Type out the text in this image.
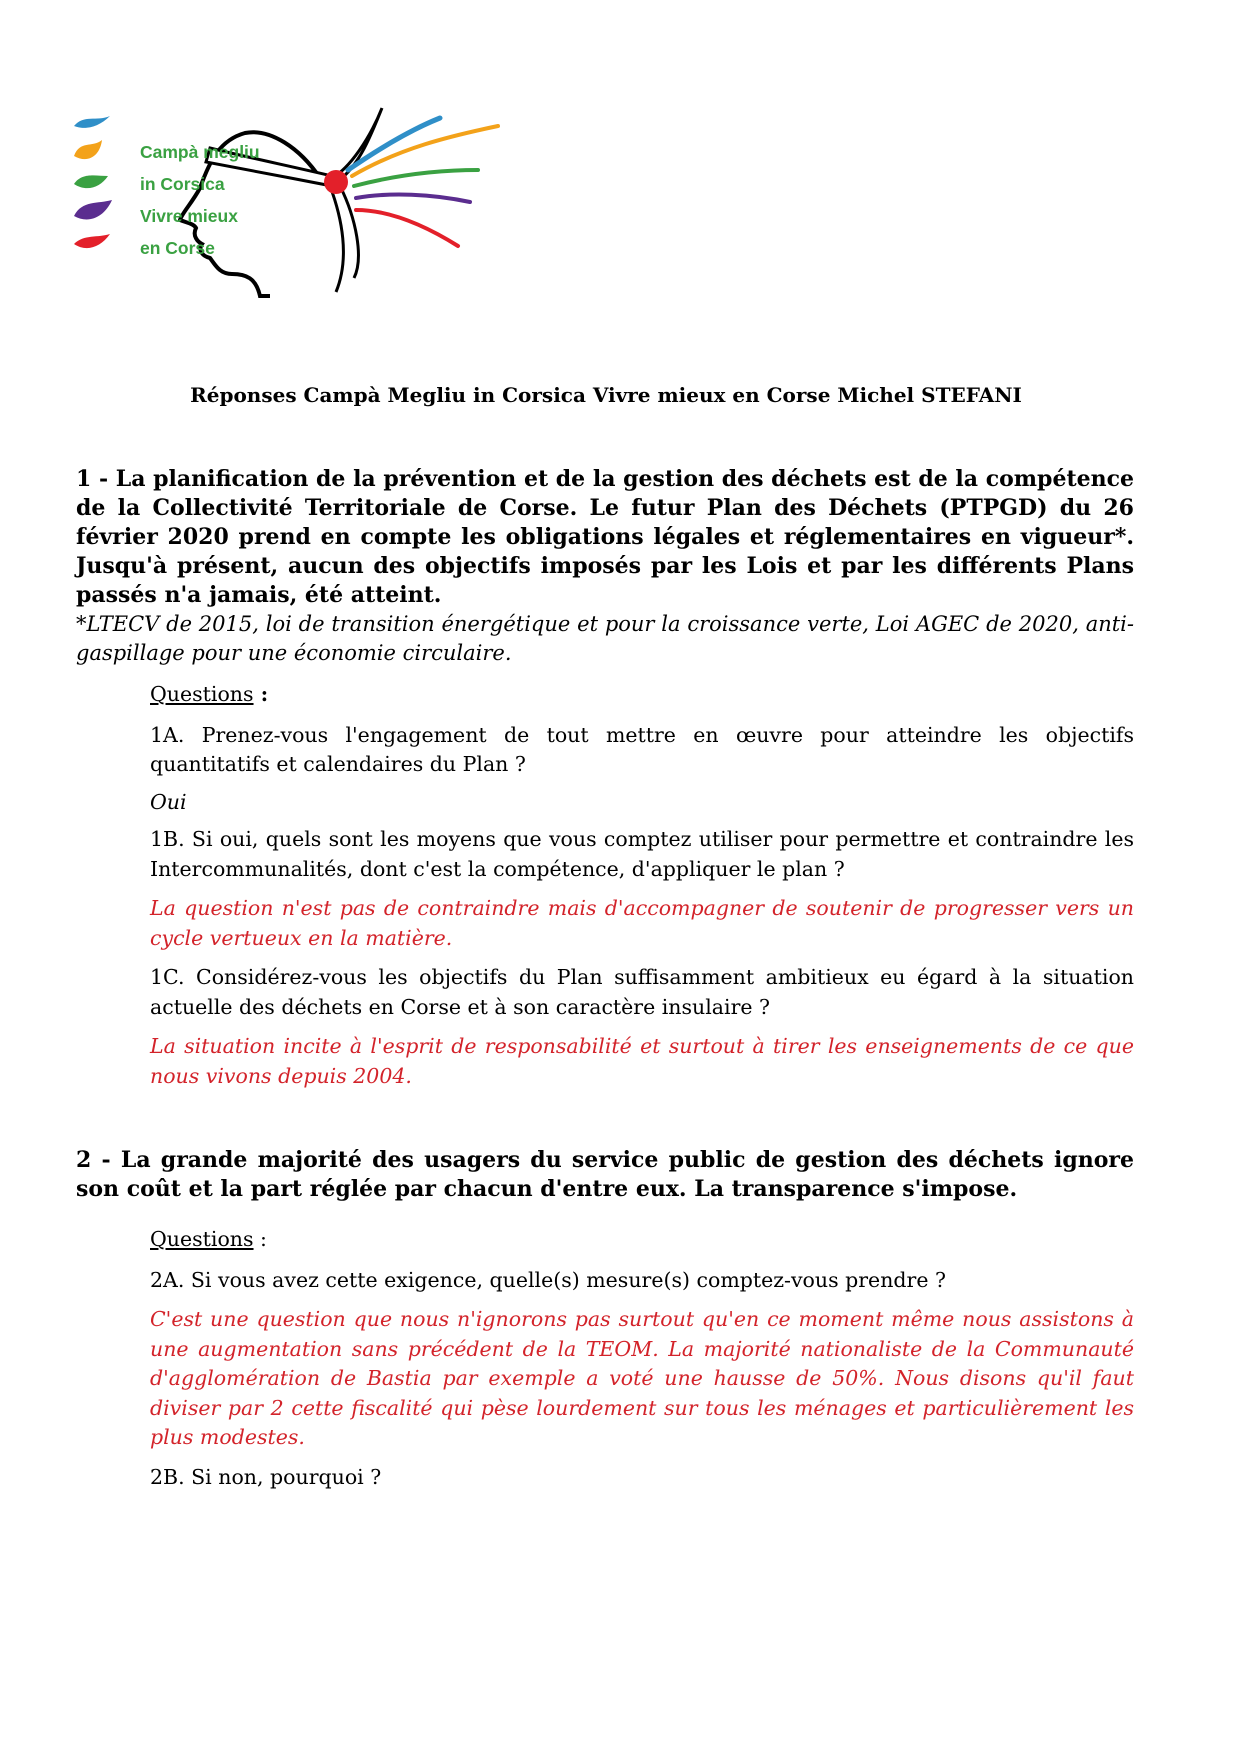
Campà megliu
in Corsica
Vivre mieux
en Corse
Réponses Campà Megliu in Corsica Vivre mieux en Corse Michel STEFANI
1 - La planification de la prévention et de la gestion des déchets est de la compétence de la Collectivité Territoriale de Corse. Le futur Plan des Déchets (PTPGD) du 26 février 2020 prend en compte les obligations légales et réglementaires en vigueur*. Jusqu'à présent, aucun des objectifs imposés par les Lois et par les différents Plans passés n'a jamais, été atteint.
*LTECV de 2015, loi de transition énergétique et pour la croissance verte, Loi AGEC de 2020, anti-gaspillage pour une économie circulaire.

Questions :

1A. Prenez-vous l'engagement de tout mettre en œuvre pour atteindre les objectifs quantitatifs et calendaires du Plan ?

Oui

1B. Si oui, quels sont les moyens que vous comptez utiliser pour permettre et contraindre les Intercommunalités, dont c'est la compétence, d'appliquer le plan ?

La question n'est pas de contraindre mais d'accompagner de soutenir de progresser vers un cycle vertueux en la matière.

1C. Considérez-vous les objectifs du Plan suffisamment ambitieux eu égard à la situation actuelle des déchets en Corse et à son caractère insulaire ?

La situation incite à l'esprit de responsabilité et surtout à tirer les enseignements de ce que nous vivons depuis 2004.

2 - La grande majorité des usagers du service public de gestion des déchets ignore son coût et la part réglée par chacun d'entre eux. La transparence s'impose.

Questions :

2A. Si vous avez cette exigence, quelle(s) mesure(s) comptez-vous prendre ?

C'est une question que nous n'ignorons pas surtout qu'en ce moment même nous assistons à une augmentation sans précédent de la TEOM. La majorité nationaliste de la Communauté d'agglomération de Bastia par exemple a voté une hausse de 50%. Nous disons qu'il faut diviser par 2 cette fiscalité qui pèse lourdement sur tous les ménages et particulièrement les plus modestes.

2B. Si non, pourquoi ?
